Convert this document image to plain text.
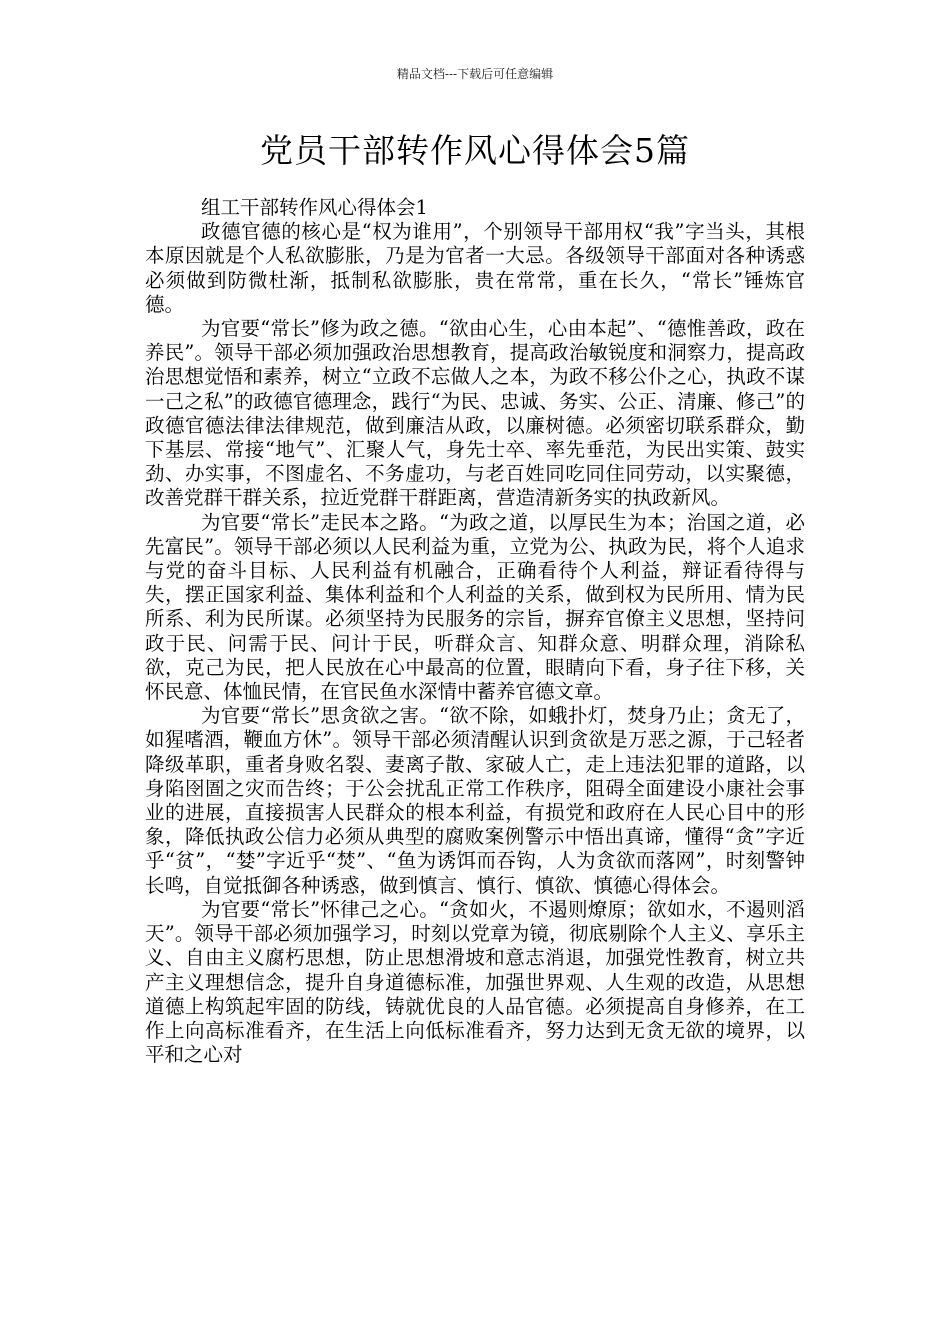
精品文档---下载后可任意编辑
党员干部转作风心得体会5篇

组工干部转作风心得体会1

政德官德的核心是“权为谁用”，个别领导干部用权“我”字当头，其根本原因就是个人私欲膨胀，乃是为官者一大忌。各级领导干部面对各种诱惑必须做到防微杜渐，抵制私欲膨胀，贵在常常，重在长久，“常长”锤炼官德。

为官要“常长”修为政之德。“欲由心生，心由本起”、“德惟善政，政在养民”。领导干部必须加强政治思想教育，提高政治敏锐度和洞察力，提高政治思想觉悟和素养，树立“立政不忘做人之本，为政不移公仆之心，执政不谋一己之私”的政德官德理念，践行“为民、忠诚、务实、公正、清廉、修己”的政德官德法律法律规范，做到廉洁从政，以廉树德。必须密切联系群众，勤下基层、常接“地气”、汇聚人气，身先士卒、率先垂范，为民出实策、鼓实劲、办实事，不图虚名、不务虚功，与老百姓同吃同住同劳动，以实聚德，改善党群干群关系，拉近党群干群距离，营造清新务实的执政新风。

为官要“常长”走民本之路。“为政之道，以厚民生为本；治国之道，必先富民”。领导干部必须以人民利益为重，立党为公、执政为民，将个人追求与党的奋斗目标、人民利益有机融合，正确看待个人利益，辩证看待得与失，摆正国家利益、集体利益和个人利益的关系，做到权为民所用、情为民所系、利为民所谋。必须坚持为民服务的宗旨，摒弃官僚主义思想，坚持问政于民、问需于民、问计于民，听群众言、知群众意、明群众理，消除私欲，克己为民，把人民放在心中最高的位置，眼睛向下看，身子往下移，关怀民意、体恤民情，在官民鱼水深情中蓄养官德文章。

为官要“常长”思贪欲之害。“欲不除，如蛾扑灯，焚身乃止；贪无了，如猩嗜酒，鞭血方休”。领导干部必须清醒认识到贪欲是万恶之源，于己轻者降级革职，重者身败名裂、妻离子散、家破人亡，走上违法犯罪的道路，以身陷囹圄之灾而告终；于公会扰乱正常工作秩序，阻碍全面建设小康社会事业的进展，直接损害人民群众的根本利益，有损党和政府在人民心目中的形象，降低执政公信力必须从典型的腐败案例警示中悟出真谛，懂得“贪”字近乎“贫”，“婪”字近乎“焚”、“鱼为诱饵而吞钩，人为贪欲而落网”，时刻警钟长鸣，自觉抵御各种诱惑，做到慎言、慎行、慎欲、慎德心得体会。

为官要“常长”怀律己之心。“贪如火，不遏则燎原；欲如水，不遏则滔天”。领导干部必须加强学习，时刻以党章为镜，彻底剔除个人主义、享乐主义、自由主义腐朽思想，防止思想滑坡和意志消退，加强党性教育，树立共产主义理想信念，提升自身道德标准，加强世界观、人生观的改造，从思想道德上构筑起牢固的防线，铸就优良的人品官德。必须提高自身修养，在工作上向高标准看齐，在生活上向低标准看齐，努力达到无贪无欲的境界，以平和之心对
